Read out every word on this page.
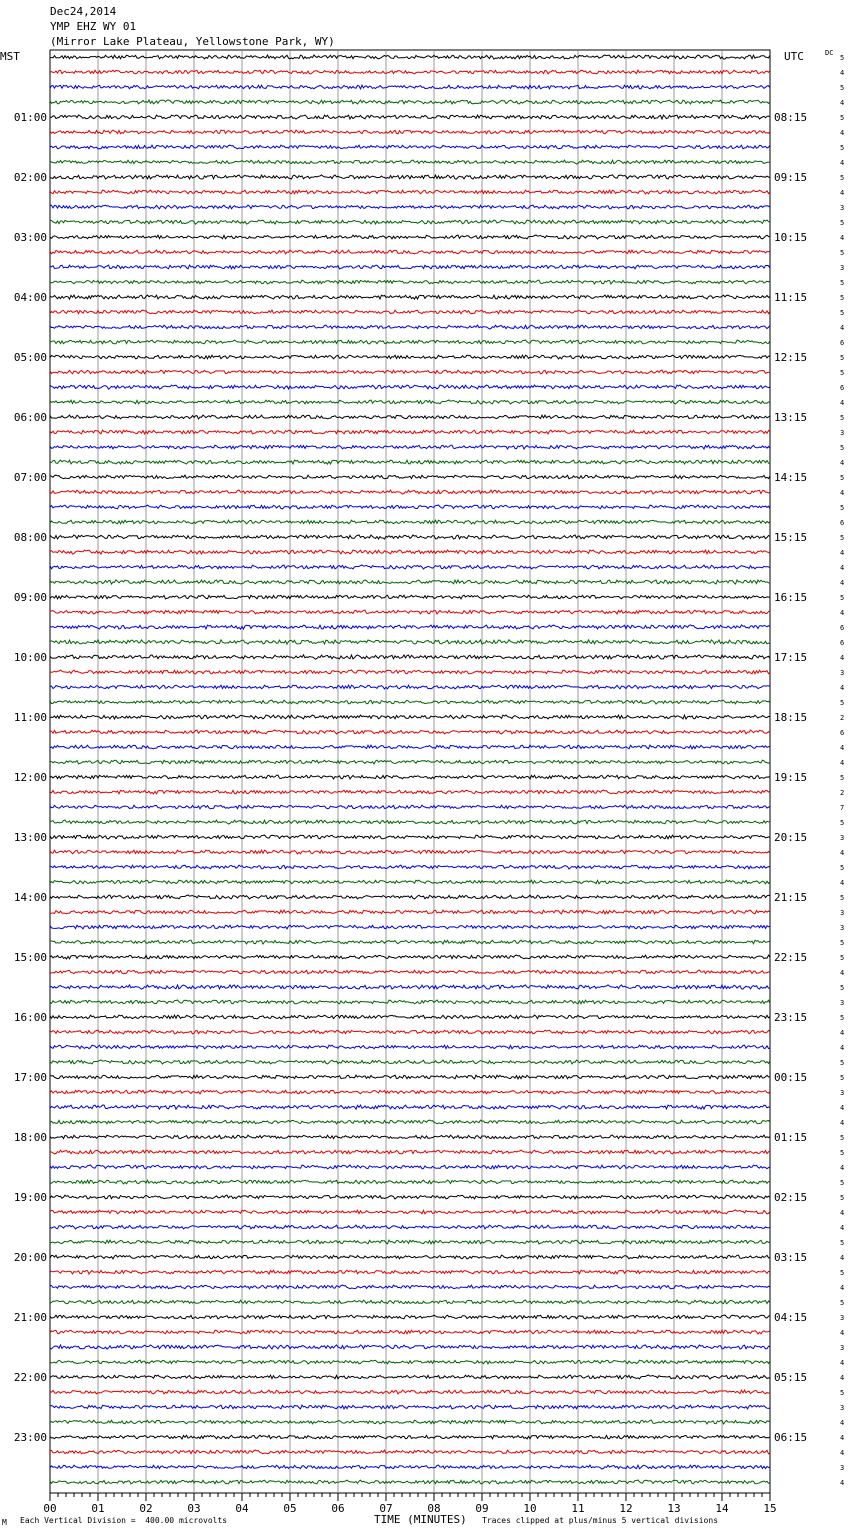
Dec24,2014
YMP EHZ WY 01
(Mirror Lake Plateau, Yellowstone Park, WY)
MST	UTC	DC
00	01	02	03	04	05	06	07	08	09	10	11	12	13	14	15
01:00
02:00
03:00
04:00
05:00
06:00
07:00
08:00
09:00
10:00
11:00
12:00
13:00
14:00
15:00
16:00
17:00
18:00
19:00
20:00
21:00
22:00
23:00
08:15
09:15
10:15
11:15
12:15
13:15
14:15
15:15
16:15
17:15
18:15
19:15
20:15
21:15
22:15
23:15
00:15
01:15
02:15
03:15
04:15
05:15
06:15
5
4
5
4
5
4
5
4
5
4
3
5
4
5
3
5
5
5
4
6
5
5
6
4
5
3
5
4
5
4
5
6
5
4
4
4
5
4
6
6
4
3
4
5
2
6
4
4
5
2
7
5
3
4
5
4
5
3
3
5
5
4
5
3
5
4
4
5
5
3
4
4
5
5
4
5
5
4
4
5
4
5
4
5
3
4
3
4
4
5
3
4
4
4
3
4
M Each Vertical Division =  400.00 microvolts	TIME (MINUTES) Traces clipped at plus/minus 5 vertical divisions
